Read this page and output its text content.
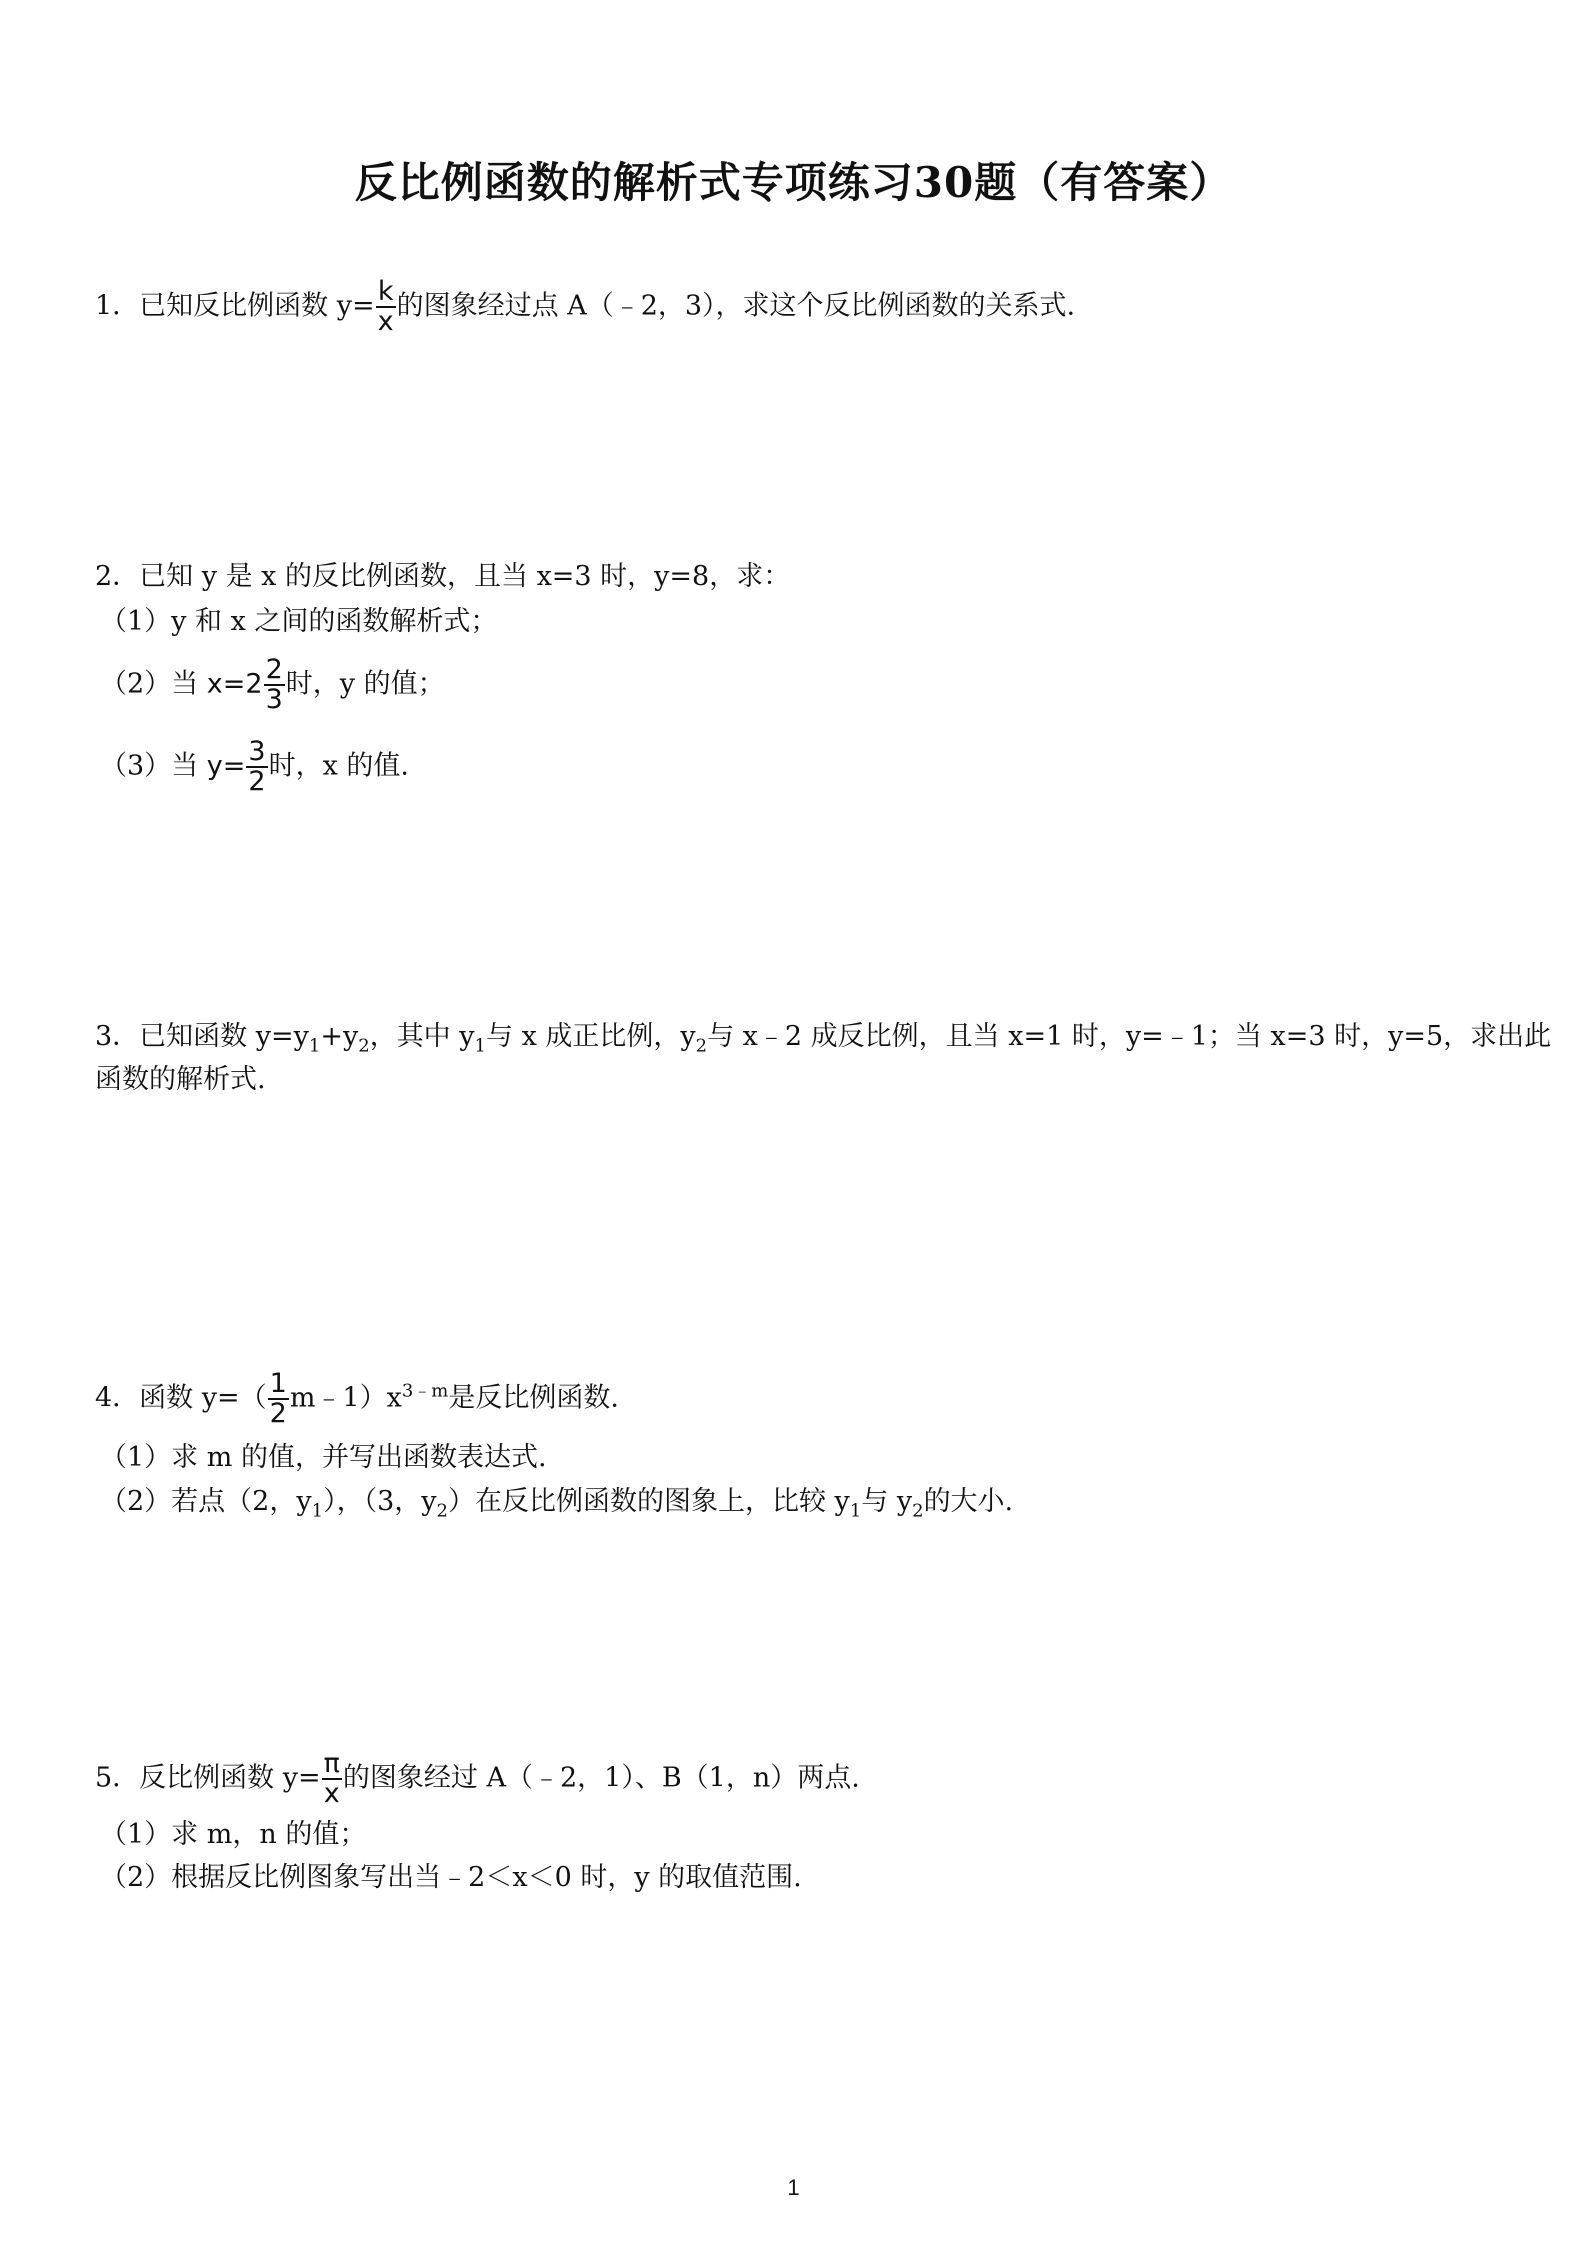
反比例函数的解析式专项练习30题（有答案）
1．已知反比例函数 $y= \frac{k}{x}$ 的图象经过点 A（﹣2，3），求这个反比例函数的关系式.
2．已知 y 是 x 的反比例函数，且当 x=3 时，y=8，求：
（1）y 和 x 之间的函数解析式；
（2）当 $x=2 \frac{2}{3}$ 时，y 的值；
（3）当 $y= \frac{3}{2}$ 时，x 的值.
3．已知函数 $y=y_1+y_2$，其中 $y_1$与 x 成正比例，$y_2$与 x﹣2 成反比例，且当 x=1 时，y=﹣1；当 x=3 时，y=5，求出此
函数的解析式.
4．函数 $y=( \frac{1}{2}$ $m﹣1)x^{3﹣m}$是反比例函数.
（1）求 m 的值，并写出函数表达式.
（2）若点（2，$y_1$），（3，$y_2$）在反比例函数的图象上，比较 $y_1$与 $y_2$的大小.
5．反比例函数 $y= \frac{\pi}{x}$ 的图象经过 A（﹣2，1）、B（1，n）两点.
（1）求 m，n 的值；
（2）根据反比例图象写出当﹣2＜x＜0 时，y 的取值范围.
1
